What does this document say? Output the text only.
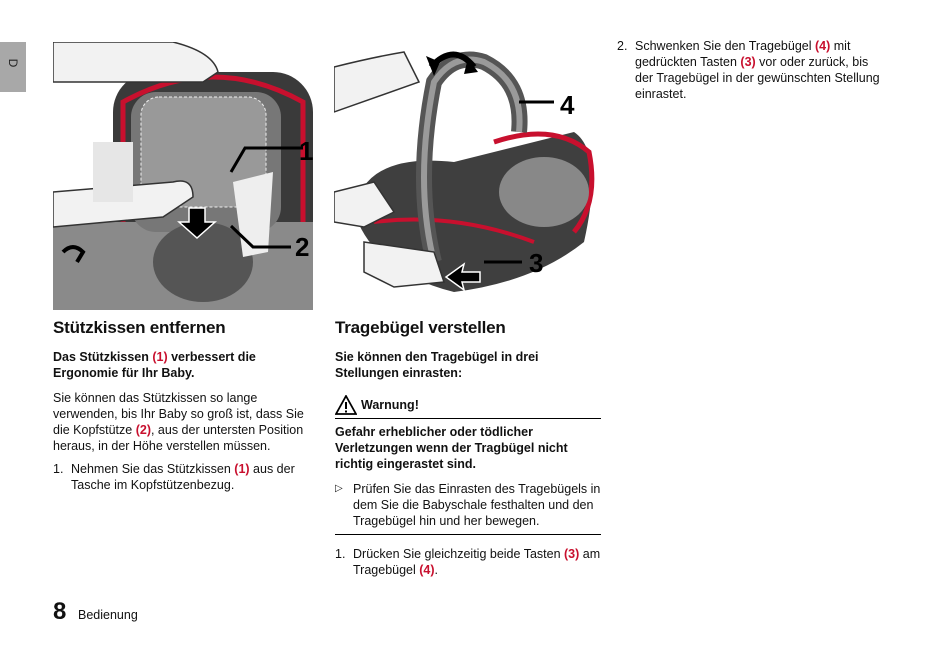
D
1
2
4
3
Stützkissen entfernen
Das Stützkissen (1) verbessert die Ergonomie für Ihr Baby.

Sie können das Stützkissen so lange verwenden, bis Ihr Baby so groß ist, dass Sie die Kopfstütze (2), aus der untersten Position heraus, in der Höhe verstellen müssen.

1. Nehmen Sie das Stützkissen (1) aus der Tasche im Kopfstützenbezug.
Tragebügel verstellen
Sie können den Tragebügel in drei Stellungen einrasten:
Warnung!
Gefahr erheblicher oder tödlicher Verletzungen wenn der Tragbügel nicht richtig eingerastet sind.
▷ Prüfen Sie das Einrasten des Tragebügels in dem Sie die Babyschale festhalten und den Tragebügel hin und her bewegen.
1. Drücken Sie gleichzeitig beide Tasten (3) am Tragebügel (4).
2. Schwenken Sie den Tragebügel (4) mit gedrückten Tasten (3) vor oder zurück, bis der Tragebügel in der gewünschten Stellung einrastet.
8 Bedienung
